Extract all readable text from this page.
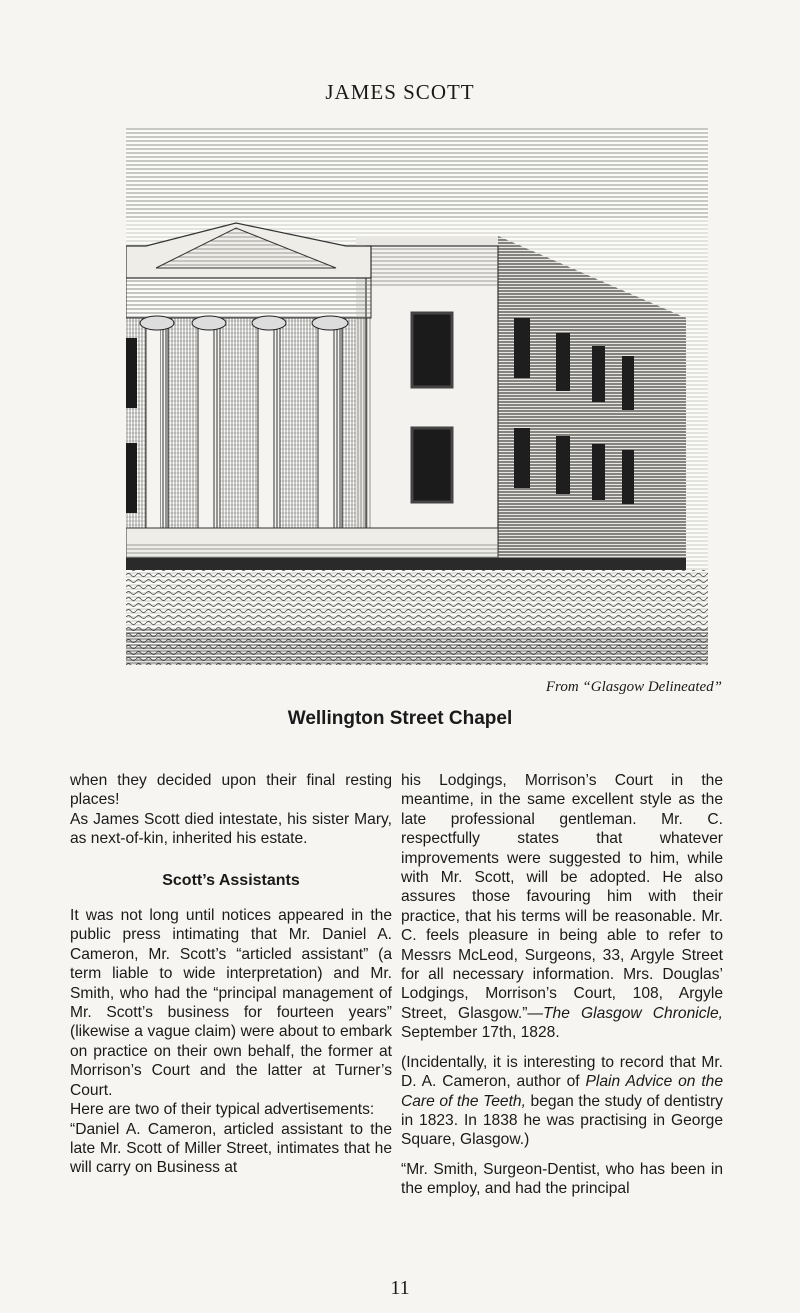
JAMES SCOTT
From “Glasgow Delineated”
Wellington Street Chapel

when they decided upon their final resting places!

As James Scott died intestate, his sister Mary, as next-of-kin, inherited his estate.

Scott’s Assistants

It was not long until notices appeared in the public press intimating that Mr. Daniel A. Cameron, Mr. Scott’s “articled assistant” (a term liable to wide interpretation) and Mr. Smith, who had the “principal management of Mr. Scott’s business for fourteen years” (likewise a vague claim) were about to embark on practice on their own behalf, the former at Morrison’s Court and the latter at Turner’s Court.

Here are two of their typical advertisements:

“Daniel A. Cameron, articled assistant to the late Mr. Scott of Miller Street, intimates that he will carry on Business at

his Lodgings, Morrison’s Court in the meantime, in the same excellent style as the late professional gentleman. Mr. C. respectfully states that whatever improvements were suggested to him, while with Mr. Scott, will be adopted. He also assures those favouring him with their practice, that his terms will be reasonable. Mr. C. feels pleasure in being able to refer to Messrs McLeod, Surgeons, 33, Argyle Street for all necessary information. Mrs. Douglas’ Lodgings, Morrison’s Court, 108, Argyle Street, Glasgow.”—The Glasgow Chronicle, September 17th, 1828.

(Incidentally, it is interesting to record that Mr. D. A. Cameron, author of Plain Advice on the Care of the Teeth, began the study of dentistry in 1823. In 1838 he was practising in George Square, Glasgow.)

“Mr. Smith, Surgeon-Dentist, who has been in the employ, and had the principal

11
